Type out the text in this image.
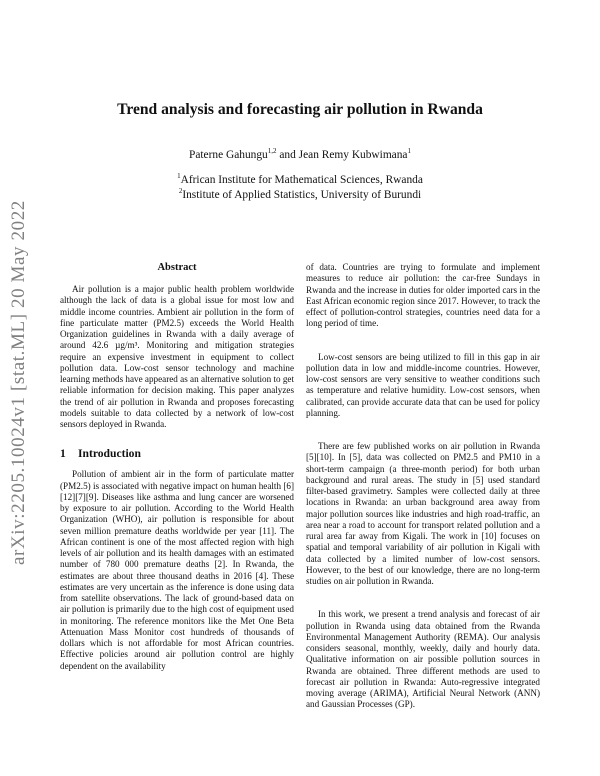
arXiv:2205.10024v1 [stat.ML] 20 May 2022
Trend analysis and forecasting air pollution in Rwanda
Paterne Gahungu$^{1,2}$ and Jean Remy Kubwimana$^1$
$^1$African Institute for Mathematical Sciences, Rwanda
$^2$Institute of Applied Statistics, University of Burundi
Abstract

Air pollution is a major public health problem worldwide although the lack of data is a global issue for most low and middle income countries. Ambient air pollution in the form of fine particulate matter (PM2.5) exceeds the World Health Organization guidelines in Rwanda with a daily average of around 42.6 µg/m³. Monitoring and mitigation strategies require an expensive investment in equipment to collect pollution data. Low-cost sensor technology and machine learning methods have appeared as an alternative solution to get reliable information for decision making. This paper analyzes the trend of air pollution in Rwanda and proposes forecasting models suitable to data collected by a network of low-cost sensors deployed in Rwanda.

1 Introduction

Pollution of ambient air in the form of particulate matter (PM2.5) is associated with negative impact on human health [6][12][7][9]. Diseases like asthma and lung cancer are worsened by exposure to air pollution. According to the World Health Organization (WHO), air pollution is responsible for about seven million premature deaths worldwide per year [11]. The African continent is one of the most affected region with high levels of air pollution and its health damages with an estimated number of 780 000 premature deaths [2]. In Rwanda, the estimates are about three thousand deaths in 2016 [4]. These estimates are very uncertain as the inference is done using data from satellite observations. The lack of ground-based data on air pollution is primarily due to the high cost of equipment used in monitoring. The reference monitors like the Met One Beta Attenuation Mass Monitor cost hundreds of thousands of dollars which is not affordable for most African countries. Effective policies around air pollution control are highly dependent on the availability

of data. Countries are trying to formulate and implement measures to reduce air pollution: the car-free Sundays in Rwanda and the increase in duties for older imported cars in the East African economic region since 2017. However, to track the effect of pollution-control strategies, countries need data for a long period of time.

Low-cost sensors are being utilized to fill in this gap in air pollution data in low and middle-income countries. However, low-cost sensors are very sensitive to weather conditions such as temperature and relative humidity. Low-cost sensors, when calibrated, can provide accurate data that can be used for policy planning.

There are few published works on air pollution in Rwanda [5][10]. In [5], data was collected on PM2.5 and PM10 in a short-term campaign (a three-month period) for both urban background and rural areas. The study in [5] used standard filter-based gravimetry. Samples were collected daily at three locations in Rwanda: an urban background area away from major pollution sources like industries and high road-traffic, an area near a road to account for transport related pollution and a rural area far away from Kigali. The work in [10] focuses on spatial and temporal variability of air pollution in Kigali with data collected by a limited number of low-cost sensors. However, to the best of our knowledge, there are no long-term studies on air pollution in Rwanda.

In this work, we present a trend analysis and forecast of air pollution in Rwanda using data obtained from the Rwanda Environmental Management Authority (REMA). Our analysis considers seasonal, monthly, weekly, daily and hourly data. Qualitative information on air possible pollution sources in Rwanda are obtained. Three different methods are used to forecast air pollution in Rwanda: Auto-regressive integrated moving average (ARIMA), Artificial Neural Network (ANN) and Gaussian Processes (GP).
